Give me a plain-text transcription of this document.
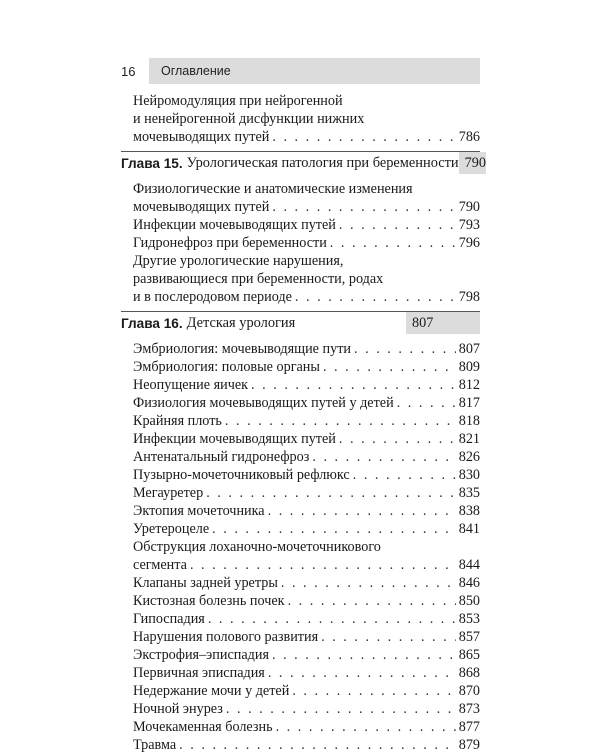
16	Оглавление
Нейромодуляция при нейрогенной
и ненейрогенной дисфункции нижних
мочевыводящих путей . . .	786
Глава 15. Урологическая патология при беременности 790
Физиологические и анатомические изменения
мочевыводящих путей . . .	790
Инфекции мочевыводящих путей . . .	793
Гидронефроз при беременности . . .	796
Другие урологические нарушения,
развивающиеся при беременности, родах
и в послеродовом периоде . . .	798
Глава 16. Детская урология	807
Эмбриология: мочевыводящие пути . . .	807
Эмбриология: половые органы . . .	809
Неопущение яичек . . .	812
Физиология мочевыводящих путей у детей . . .	817
Крайняя плоть . . .	818
Инфекции мочевыводящих путей . . .	821
Антенатальный гидронефроз . . .	826
Пузырно-мочеточниковый рефлюкс . . .	830
Мегауретер . . .	835
Эктопия мочеточника . . .	838
Уретероцеле . . .	841
Обструкция лоханочно-мочеточникового
сегмента . . .	844
Клапаны задней уретры . . .	846
Кистозная болезнь почек . . .	850
Гипоспадия . . .	853
Нарушения полового развития . . .	857
Экстрофия–эписпадия . . .	865
Первичная эписпадия . . .	868
Недержание мочи у детей . . .	870
Ночной энурез . . .	873
Мочекаменная болезнь . . .	877
Травма . . .	879
